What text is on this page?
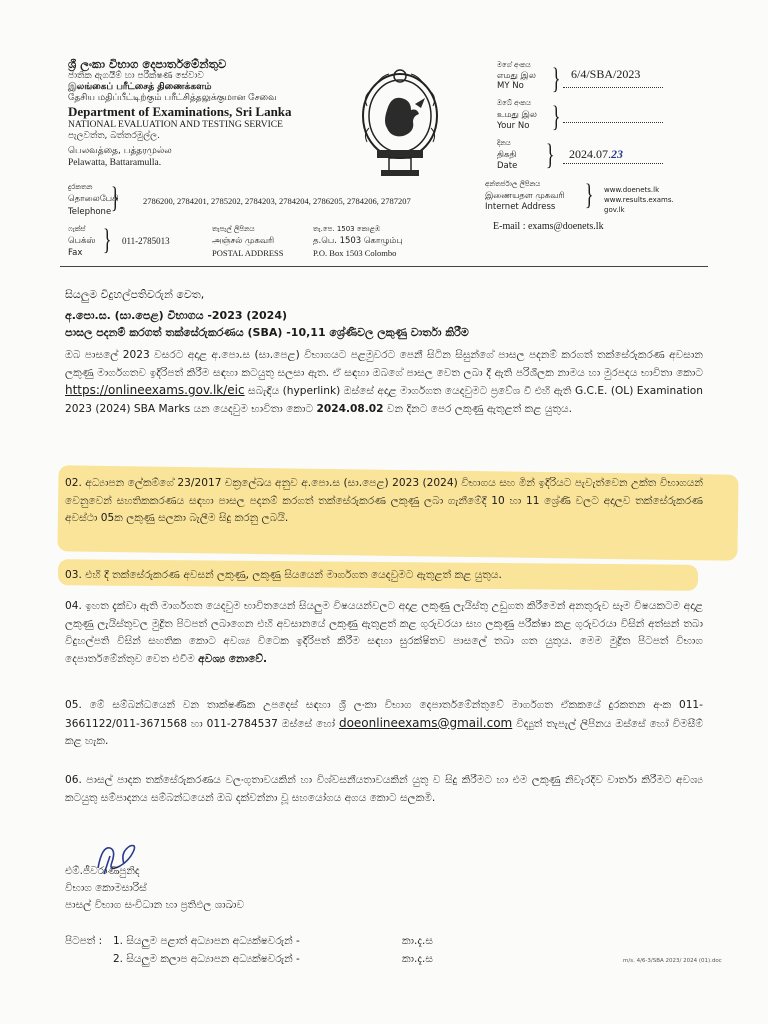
ශ්‍රී ලංකා විභාග දෙපාර්තමේන්තුව
ජාතික ඇගයීම් හා පරීක්ෂණ සේවාව
இலங்கைப் பரீட்சைத் திணைக்களம்
தேசிய மதிப்பீட்டிற்கும் பரீட்சித்தலுக்குமான சேவை
Department of Examinations, Sri Lanka
NATIONAL EVALUATION AND TESTING SERVICE
පැලවත්ත, බත්තරමුල්ල.
பெலவத்தை, பத்தரமுல்ல
Pelawatta, Battaramulla.
මගේ අංකය
எமது இல
MY No } 6/4/SBA/2023
ඔබේ අංකය
உமது இல
Your No }
දිනය
திகதி
Date } 2024.07.23
අන්තර්ජාල ලිපිනය
இணையதள முகவரி
Internet Address } www.doenets.lk
www.results.exams.
gov.lk
E-mail : exams@doenets.lk
දුරකතන
தொலைபேசி
Telephone }	2786200, 2784201, 2785202, 2784203, 2784204, 2786205, 2784206, 2787207
ෆැක්ස්
பெக்ஸ்
Fax } 011-2785013
තැපැල් ලිපිනය
அஞ்சல் முகவரி
POSTAL ADDRESS
තැ.පෙ. 1503 කොළඹ
த.பெ. 1503 கொழும்பு
P.O. Box 1503 Colombo
සියලුම විදුහල්පතිවරුන් වෙත,
අ.පො.ස. (සා.පෙළ) විභාගය -2023 (2024)
පාසල පදනම් කරගත් තක්සේරුකරණය (SBA) -10,11 ශ්‍රේණිවල ලකුණු වාර්තා කිරීම
ඔබ පාසලේ 2023 වසරට අදාළ අ.පො.ස (සා.පෙළ) විභාගයට පළමුවරට පෙනී සිටින සිසුන්ගේ පාසල පදනම් කරගත් තක්සේරුකරණ අවසාන ලකුණු මාර්ගගතව ඉදිරිපත් කිරීම සඳහා කටයුතු සලසා ඇත. ඒ සඳහා ඔබගේ පාසල වෙත ලබා දී ඇති පරිශීලක නාමය හා මුරපදය භාවිතා කොට https://onlineexams.gov.lk/eic සබැඳිය (hyperlink) ඔස්සේ අදාළ මාර්ගගත යෙදවුමට ප්‍රවේශ වී එහි ඇති G.C.E. (OL) Examination 2023 (2024) SBA Marks යන යෙදවුම භාවිතා කොට 2024.08.02 වන දිනට පෙර ලකුණු ඇතුළත් කළ යුතුය.
02. අධ්‍යාපන ලේකම්ගේ 23/2017 චක්‍රලේඛය අනුව අ.පො.ස (සා.පෙළ) 2023 (2024) විභාගය සහ මින් ඉදිරියට පැවැත්වෙන උක්ත විභාගයන් වෙනුවෙන් සහතිකකරණය සඳහා පාසල පදනම් කරගත් තක්සේරුකරණ ලකුණු ලබා ගැනීමේදී 10 හා 11 ශ්‍රේණි වලට අදාලව තක්සේරුකරණ අවස්ථා 05ක ලකුණු සලකා බැලීම සිදු කරනු ලබයි.
03. එහි දී තක්සේරුකරණ අවසන් ලකුණු, ලකුණු සියයෙන් මාර්ගගත යෙදවුමට ඇතුළත් කළ යුතුය.
04. ඉහත දැක්වා ඇති මාර්ගගත යෙදවුම භාවිතයෙන් සියලුම විෂයයන්වලට අදාළ ලකුණු ලැයිස්තු උඩුගත කිරීමෙන් අනතුරුව සෑම විෂයකටම අදාළ ලකුණු ලැයිස්තුවල මුද්‍රිත පිටපත් ලබාගෙන එහි අවසානයේ ලකුණු ඇතුළත් කළ ගුරුවරයා සහ ලකුණු පරීක්ෂා කළ ගුරුවරයා විසින් අත්සන් තබා විදුහල්පති විසින් සහතික කොට අවශ්‍ය විටෙක ඉදිරිපත් කිරීම සඳහා සුරක්ෂිතව පාසලේ තබා ගත යුතුය. මෙම මුද්‍රිත පිටපත් විභාග දෙපාර්තමේන්තුව වෙත එවීම අවශ්‍ය නොවේ.
05. මේ සම්බන්ධයෙන් වන තාක්ෂණික උපදෙස් සඳහා ශ්‍රී ලංකා විභාග දෙපාර්තමේන්තුවේ මාර්ගගත ඒකකයේ දුරකතන අංක 011-3661122/011-3671568 හා 011-2784537 ඔස්සේ හෝ doeonlineexams@gmail.com විද්‍යුත් තැපැල් ලිපිනය ඔස්සේ හෝ විමසීම් කළ හැක.
06. පාසල් පාදක තක්සේරුකරණය වලංගුතාවයකින් හා විශ්වසනීයතාවයකින් යුතු ව සිදු කිරීමට හා එම ලකුණු නිවැරදිව වාර්තා කිරීමට අවශ්‍ය කටයුතු සම්පාදනය සම්බන්ධයෙන් ඔබ දක්වන්නා වූ සහයෝගය අගය කොට සලකමි.
එම්.ජීවරාණිපුනිද
විභාග කොමසාරිස්
පාසල් විභාග සංවිධාන හා ප්‍රතිඵල ශාඛාව
පිටපත් : 1. සියලුම පළාත් අධ්‍යාපන අධ්‍යක්ෂවරුන් -	කා.දැ.ස
2. සියලුම කලාප අධ්‍යාපන අධ්‍යක්ෂවරුන් -	කා.දැ.ස	m/s. 4/6-3/SBA 2023/ 2024 (01).doc
